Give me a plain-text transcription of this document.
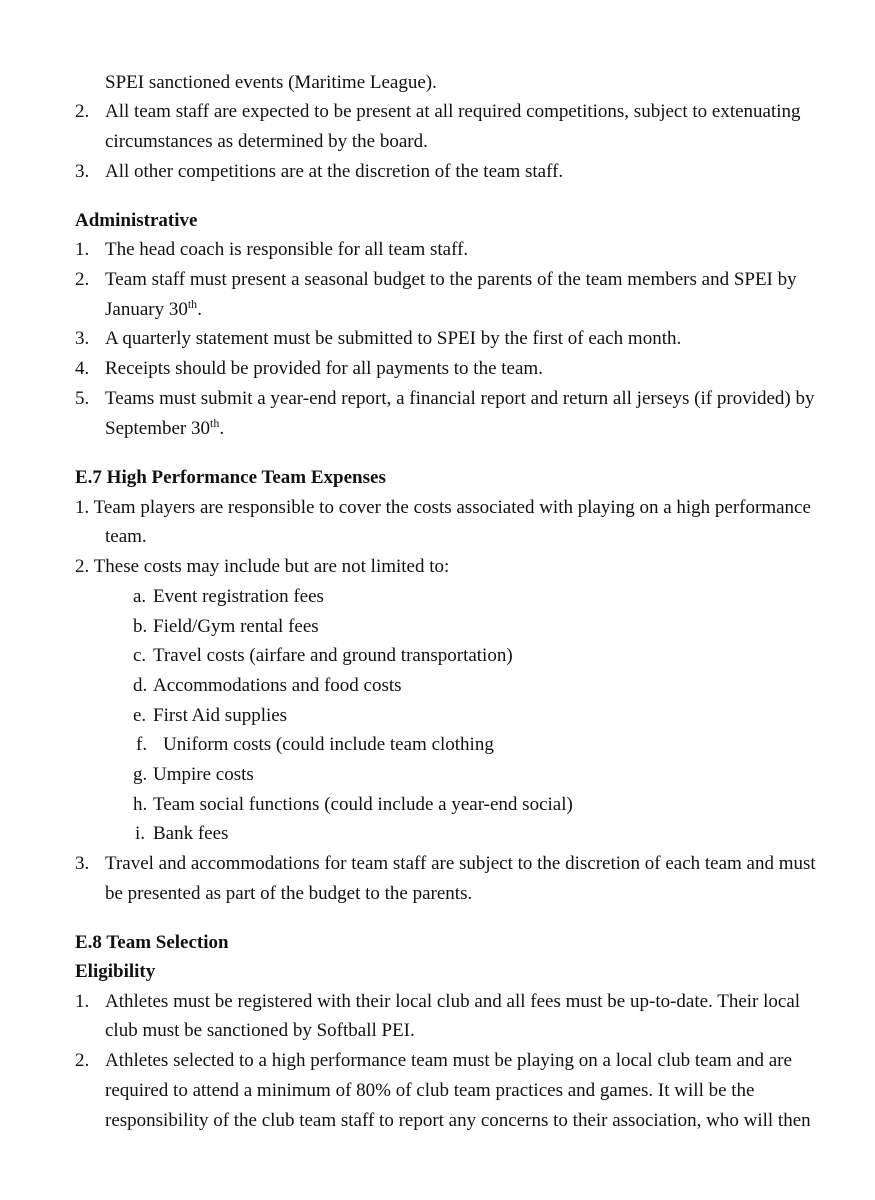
SPEI sanctioned events (Maritime League).
2. All team staff are expected to be present at all required competitions, subject to extenuating
circumstances as determined by the board.
3. All other competitions are at the discretion of the team staff.
Administrative
1. The head coach is responsible for all team staff.
2. Team staff must present a seasonal budget to the parents of the team members and SPEI by
January 30th.
3. A quarterly statement must be submitted to SPEI by the first of each month.
4. Receipts should be provided for all payments to the team.
5. Teams must submit a year-end report, a financial report and return all jerseys (if provided) by
September 30th.
E.7 High Performance Team Expenses
1. Team players are responsible to cover the costs associated with playing on a high performance
team.
2. These costs may include but are not limited to:
a. Event registration fees
b. Field/Gym rental fees
c. Travel costs (airfare and ground transportation)
d. Accommodations and food costs
e. First Aid supplies
f. Uniform costs (could include team clothing
g. Umpire costs
h. Team social functions (could include a year-end social)
i. Bank fees
3. Travel and accommodations for team staff are subject to the discretion of each team and must
be presented as part of the budget to the parents.
E.8 Team Selection
Eligibility
1. Athletes must be registered with their local club and all fees must be up-to-date. Their local
club must be sanctioned by Softball PEI.
2. Athletes selected to a high performance team must be playing on a local club team and are
required to attend a minimum of 80% of club team practices and games. It will be the
responsibility of the club team staff to report any concerns to their association, who will then
